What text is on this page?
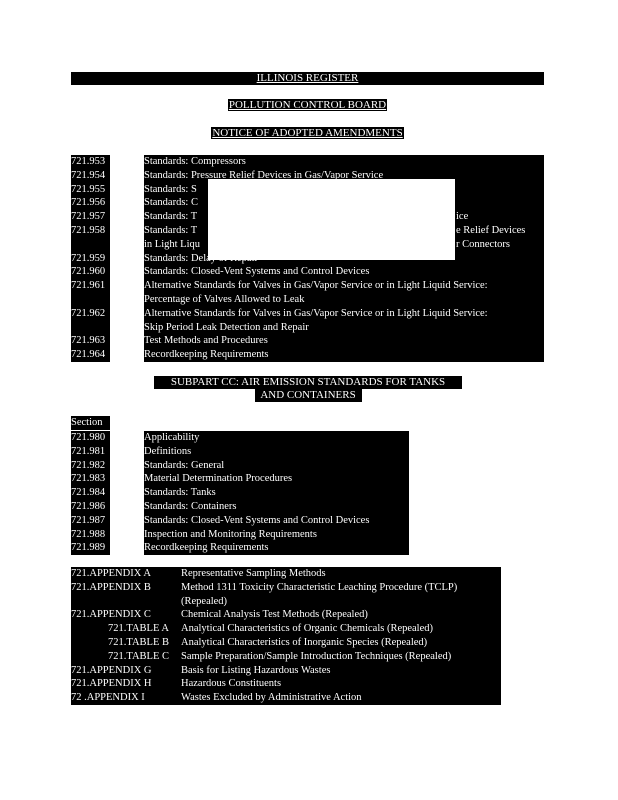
ILLINOIS REGISTER
POLLUTION CONTROL BOARD
NOTICE OF ADOPTED AMENDMENTS
721.953	Standards: Compressors
721.954	Standards: Pressure Relief Devices in Gas/Vapor Service
721.955	Standards: S
721.956	Standards: C
721.957	Standards: T	ice
721.958	Standards: T	e Relief Devices
in Light Liqu	r Connectors
721.959	Standards: Delay of Repair
721.960	Standards: Closed-Vent Systems and Control Devices
721.961	Alternative Standards for Valves in Gas/Vapor Service or in Light Liquid Service:
Percentage of Valves Allowed to Leak
721.962	Alternative Standards for Valves in Gas/Vapor Service or in Light Liquid Service:
Skip Period Leak Detection and Repair
721.963	Test Methods and Procedures
721.964	Recordkeeping Requirements
SUBPART CC: AIR EMISSION STANDARDS FOR TANKS
AND CONTAINERS
Section
721.980	Applicability
721.981	Definitions
721.982	Standards: General
721.983	Material Determination Procedures
721.984	Standards: Tanks
721.986	Standards: Containers
721.987	Standards: Closed-Vent Systems and Control Devices
721.988	Inspection and Monitoring Requirements
721.989	Recordkeeping Requirements
721.APPENDIX A	Representative Sampling Methods
721.APPENDIX B	Method 1311 Toxicity Characteristic Leaching Procedure (TCLP)
(Repealed)
721.APPENDIX C	Chemical Analysis Test Methods (Repealed)
721.TABLE A Analytical Characteristics of Organic Chemicals (Repealed)
721.TABLE B Analytical Characteristics of Inorganic Species (Repealed)
721.TABLE C Sample Preparation/Sample Introduction Techniques (Repealed)
721.APPENDIX G	Basis for Listing Hazardous Wastes
721.APPENDIX H	Hazardous Constituents
72 .APPENDIX I	Wastes Excluded by Administrative Action
